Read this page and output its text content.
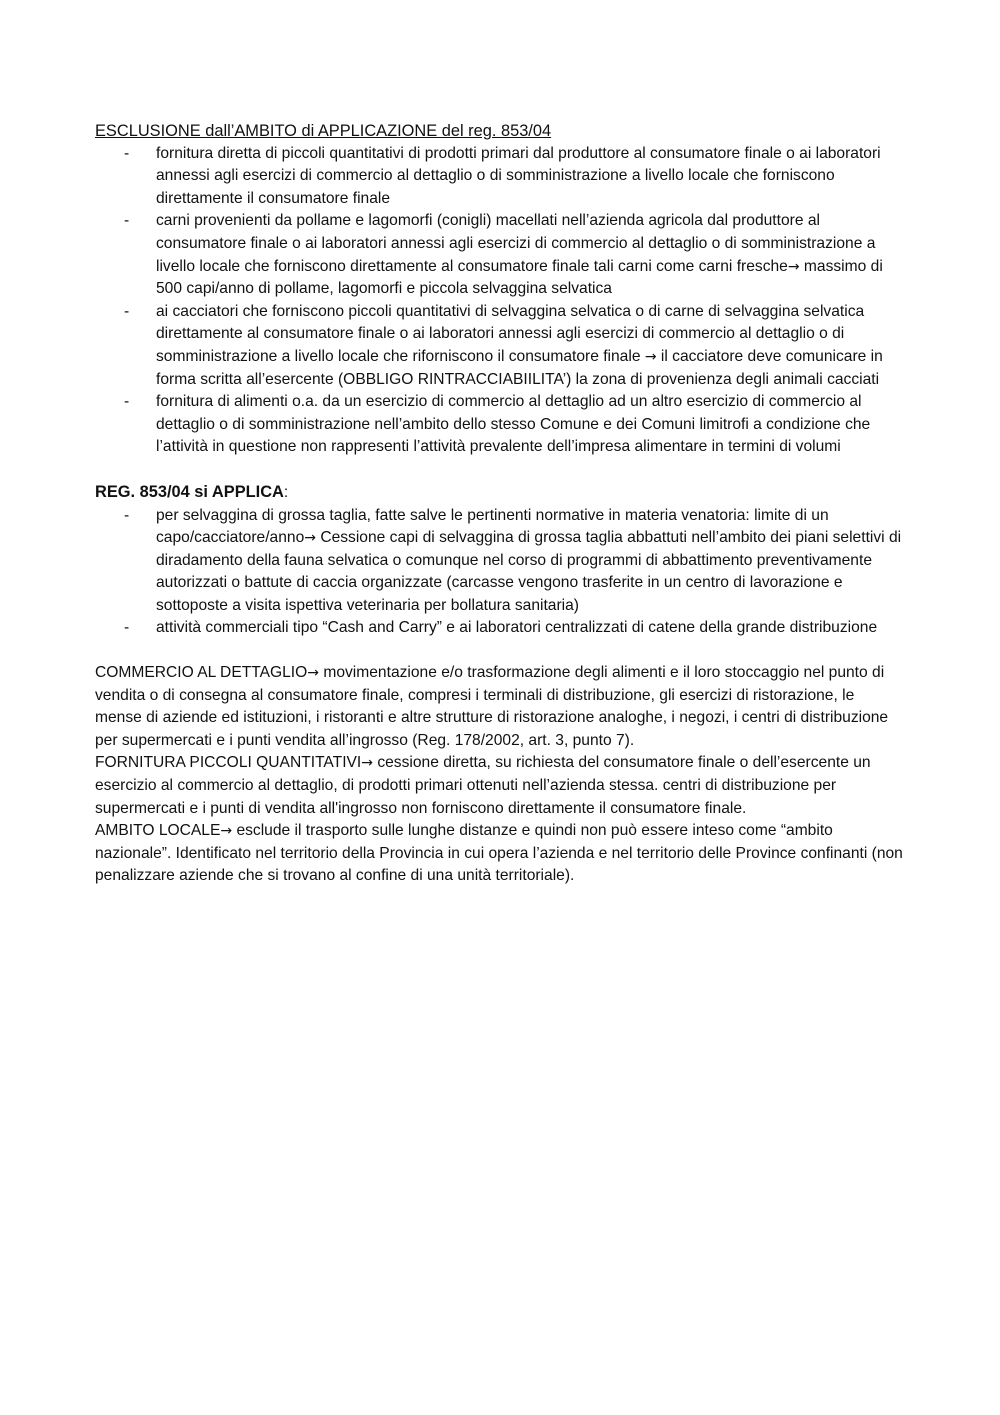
ESCLUSIONE dall’AMBITO di APPLICAZIONE del reg. 853/04
- fornitura diretta di piccoli quantitativi di prodotti primari dal produttore al consumatore finale o ai laboratori annessi agli esercizi di commercio al dettaglio o di somministrazione a livello locale che forniscono direttamente il consumatore finale
- carni provenienti da pollame e lagomorfi (conigli) macellati nell’azienda agricola dal produttore al consumatore finale o ai laboratori annessi agli esercizi di commercio al dettaglio o di somministrazione a livello locale che forniscono direttamente al consumatore finale tali carni come carni fresche→ massimo di 500 capi/anno di pollame, lagomorfi e piccola selvaggina selvatica
- ai cacciatori che forniscono piccoli quantitativi di selvaggina selvatica o di carne di selvaggina selvatica direttamente al consumatore finale o ai laboratori annessi agli esercizi di commercio al dettaglio o di somministrazione a livello locale che riforniscono il consumatore finale → il cacciatore deve comunicare in forma scritta all’esercente (OBBLIGO RINTRACCIABIILITA’) la zona di provenienza degli animali cacciati
- fornitura di alimenti o.a. da un esercizio di commercio al dettaglio ad un altro esercizio di commercio al dettaglio o di somministrazione nell’ambito dello stesso Comune e dei Comuni limitrofi a condizione che l’attività in questione non rappresenti l’attività prevalente dell’impresa alimentare in termini di volumi
REG. 853/04 si APPLICA:
- per selvaggina di grossa taglia, fatte salve le pertinenti normative in materia venatoria: limite di un capo/cacciatore/anno→ Cessione capi di selvaggina di grossa taglia abbattuti nell’ambito dei piani selettivi di diradamento della fauna selvatica o comunque nel corso di programmi di abbattimento preventivamente autorizzati o battute di caccia organizzate (carcasse vengono trasferite in un centro di lavorazione e sottoposte a visita ispettiva veterinaria per bollatura sanitaria)
- attività commerciali tipo “Cash and Carry” e ai laboratori centralizzati di catene della grande distribuzione

COMMERCIO AL DETTAGLIO→ movimentazione e/o trasformazione degli alimenti e il loro stoccaggio nel punto di vendita o di consegna al consumatore finale, compresi i terminali di distribuzione, gli esercizi di ristorazione, le mense di aziende ed istituzioni, i ristoranti e altre strutture di ristorazione analoghe, i negozi, i centri di distribuzione per supermercati e i punti vendita all’ingrosso (Reg. 178/2002, art. 3, punto 7).

FORNITURA PICCOLI QUANTITATIVI→ cessione diretta, su richiesta del consumatore finale o dell’esercente un esercizio al commercio al dettaglio, di prodotti primari ottenuti nell’azienda stessa. centri di distribuzione per supermercati e i punti di vendita all'ingrosso non forniscono direttamente il consumatore finale.

AMBITO LOCALE→ esclude il trasporto sulle lunghe distanze e quindi non può essere inteso come “ambito nazionale”. Identificato nel territorio della Provincia in cui opera l’azienda e nel territorio delle Province confinanti (non penalizzare aziende che si trovano al confine di una unità territoriale).
